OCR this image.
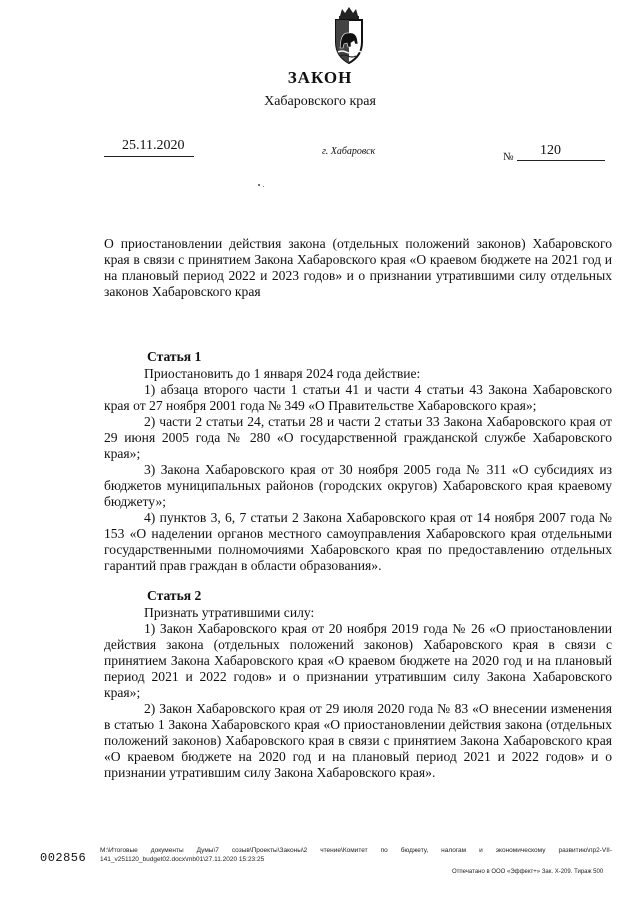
ЗАКОН
Хабаровского края
25.11.2020	г. Хабаровск	№ 120

О приостановлении действия закона (отдельных положений законов) Хабаровского края в связи с принятием Закона Хабаровского края «О краевом бюджете на 2021 год и на плановый период 2022 и 2023 годов» и о признании утратившими силу отдельных законов Хабаровского края

Статья 1

Приостановить до 1 января 2024 года действие:

1) абзаца второго части 1 статьи 41 и части 4 статьи 43 Закона Хабаровского края от 27 ноября 2001 года № 349 «О Правительстве Хабаровского края»;

2) части 2 статьи 24, статьи 28 и части 2 статьи 33 Закона Хабаровского края от 29 июня 2005 года № 280 «О государственной гражданской службе Хабаровского края»;

3) Закона Хабаровского края от 30 ноября 2005 года № 311 «О субсидиях из бюджетов муниципальных районов (городских округов) Хабаровского края краевому бюджету»;

4) пунктов 3, 6, 7 статьи 2 Закона Хабаровского края от 14 ноября 2007 года № 153 «О наделении органов местного самоуправления Хабаровского края отдельными государственными полномочиями Хабаровского края по предоставлению отдельных гарантий прав граждан в области образования».

Статья 2

Признать утратившими силу:

1) Закон Хабаровского края от 20 ноября 2019 года № 26 «О приостановлении действия закона (отдельных положений законов) Хабаровского края в связи с принятием Закона Хабаровского края «О краевом бюджете на 2020 год и на плановый период 2021 и 2022 годов» и о признании утратившим силу Закона Хабаровского края»;

2) Закон Хабаровского края от 29 июля 2020 года № 83 «О внесении изменения в статью 1 Закона Хабаровского края «О приостановлении действия закона (отдельных положений законов) Хабаровского края в связи с принятием Закона Хабаровского края «О краевом бюджете на 2020 год и на плановый период 2021 и 2022 годов» и о признании утратившим силу Закона Хабаровского края».

002856

M:\Итоговые документы Думы\7 созыв\Проекты\Законы\2 чтение\Комитет по бюджету, налогам и экономическому развитию\пр2-VII-141_v251120_budget02.docx\mb01\27.11.2020 15:23:25

Отпечатано в ООО «Эффект+» Зак. Х-209. Тираж 500
